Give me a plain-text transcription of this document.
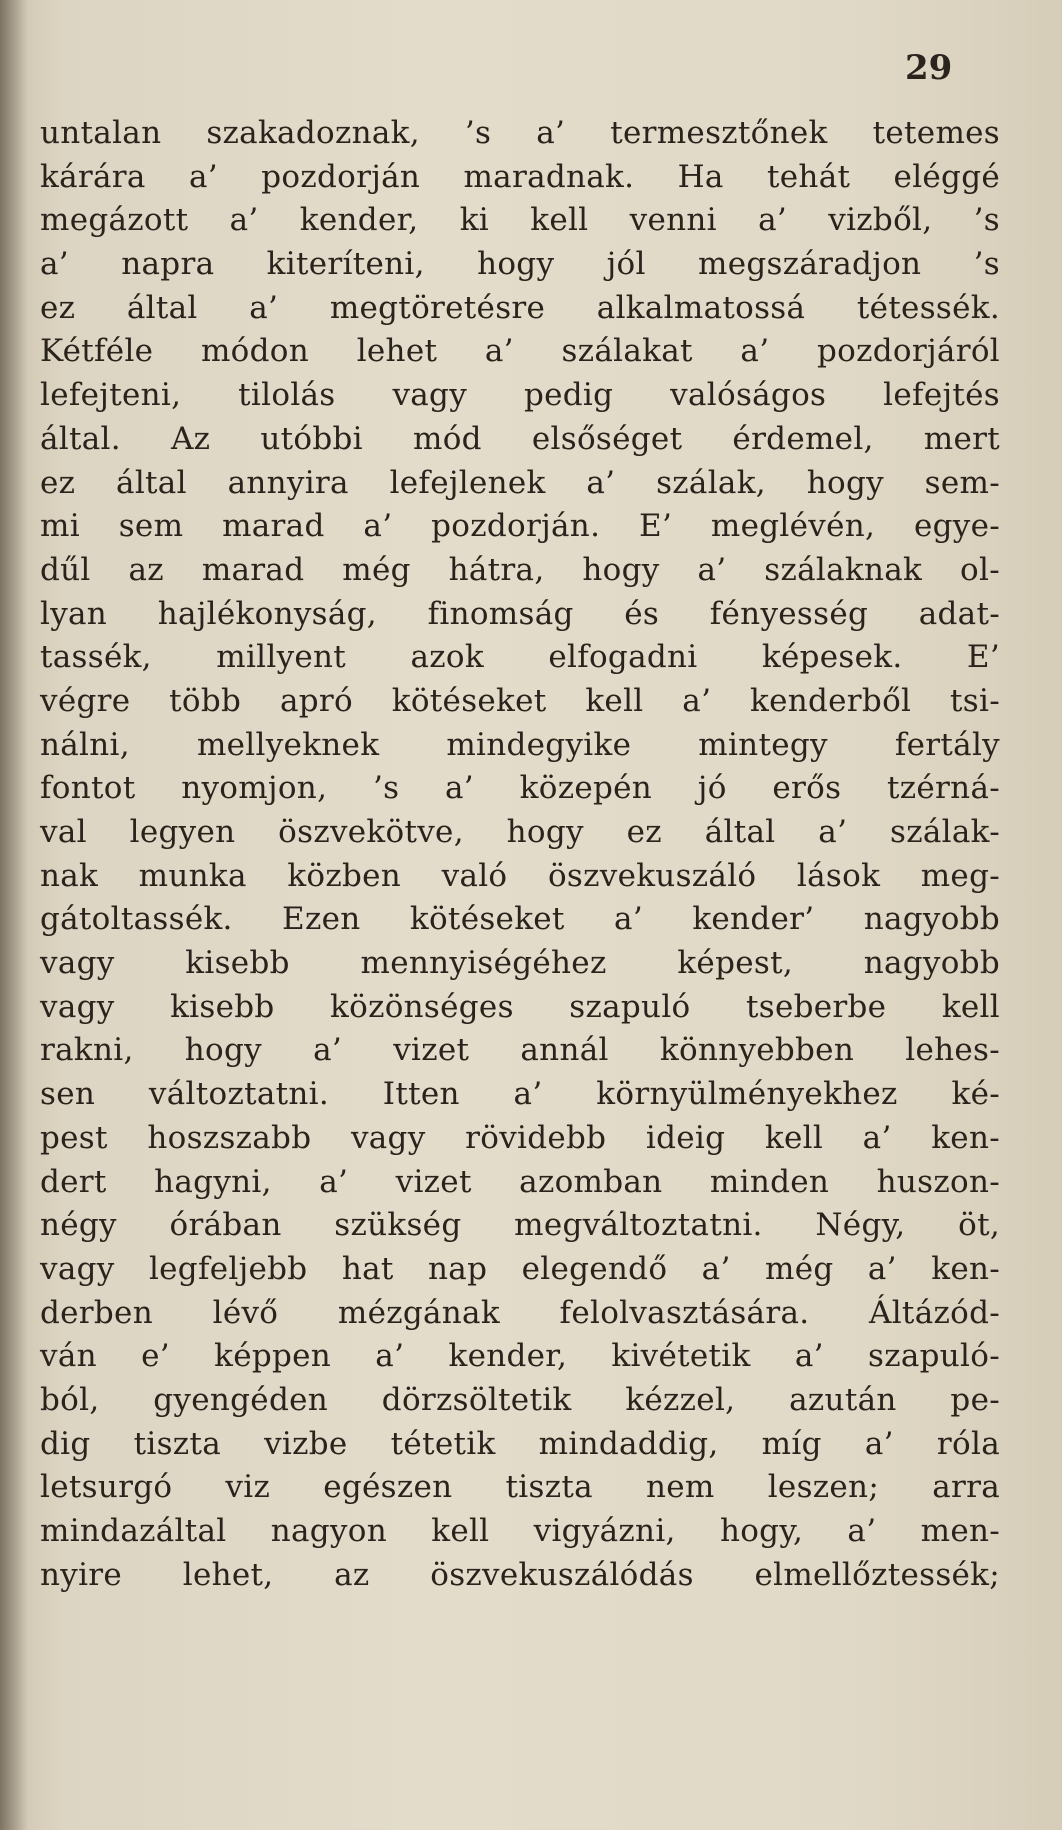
29
untalan szakadoznak, ’s a’ termesztőnek tetemes
kárára a’ pozdorján maradnak. Ha tehát eléggé
megázott a’ kender, ki kell venni a’ vizből, ’s
a’ napra kiteríteni, hogy jól megszáradjon ’s
ez által a’ megtöretésre alkalmatossá tétessék.
Kétféle módon lehet a’ szálakat a’ pozdorjáról
lefejteni, tilolás vagy pedig valóságos lefejtés
által. Az utóbbi mód elsőséget érdemel, mert
ez által annyira lefejlenek a’ szálak, hogy sem-
mi sem marad a’ pozdorján. E’ meglévén, egye-
dűl az marad még hátra, hogy a’ szálaknak ol-
lyan hajlékonyság, finomság és fényesség adat-
tassék, millyent azok elfogadni képesek. E’
végre több apró kötéseket kell a’ kenderből tsi-
nálni, mellyeknek mindegyike mintegy fertály
fontot nyomjon, ’s a’ közepén jó erős tzérná-
val legyen öszvekötve, hogy ez által a’ szálak-
nak munka közben való öszvekuszáló lások meg-
gátoltassék. Ezen kötéseket a’ kender’ nagyobb
vagy kisebb mennyiségéhez képest, nagyobb
vagy kisebb közönséges szapuló tseberbe kell
rakni, hogy a’ vizet annál könnyebben lehes-
sen változtatni. Itten a’ környülményekhez ké-
pest hoszszabb vagy rövidebb ideig kell a’ ken-
dert hagyni, a’ vizet azomban minden huszon-
négy órában szükség megváltoztatni. Négy, öt,
vagy legfeljebb hat nap elegendő a’ még a’ ken-
derben lévő mézgának felolvasztására. Áltázód-
ván e’ képpen a’ kender, kivétetik a’ szapuló-
ból, gyengéden dörzsöltetik kézzel, azután pe-
dig tiszta vizbe tétetik mindaddig, míg a’ róla
letsurgó viz egészen tiszta nem leszen; arra
mindazáltal nagyon kell vigyázni, hogy, a’ men-
nyire lehet, az öszvekuszálódás elmellőztessék;
